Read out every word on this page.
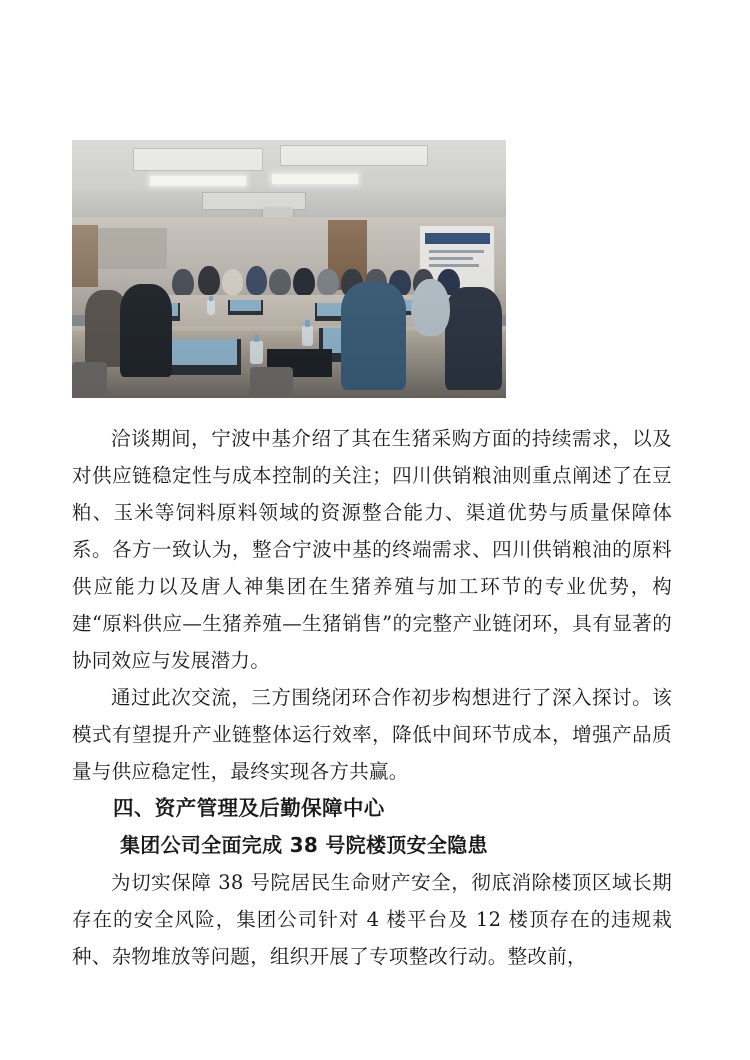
洽谈期间，宁波中基介绍了其在生猪采购方面的持续需求，以及对供应链稳定性与成本控制的关注；四川供销粮油则重点阐述了在豆粕、玉米等饲料原料领域的资源整合能力、渠道优势与质量保障体系。各方一致认为，整合宁波中基的终端需求、四川供销粮油的原料供应能力以及唐人神集团在生猪养殖与加工环节的专业优势，构建“原料供应—生猪养殖—生猪销售”的完整产业链闭环，具有显著的协同效应与发展潜力。

通过此次交流，三方围绕闭环合作初步构想进行了深入探讨。该模式有望提升产业链整体运行效率，降低中间环节成本，增强产品质量与供应稳定性，最终实现各方共赢。

四、资产管理及后勤保障中心
集团公司全面完成 38 号院楼顶安全隐患

为切实保障 38 号院居民生命财产安全，彻底消除楼顶区域长期存在的安全风险，集团公司针对 4 楼平台及 12 楼顶存在的违规栽种、杂物堆放等问题，组织开展了专项整改行动。整改前，
